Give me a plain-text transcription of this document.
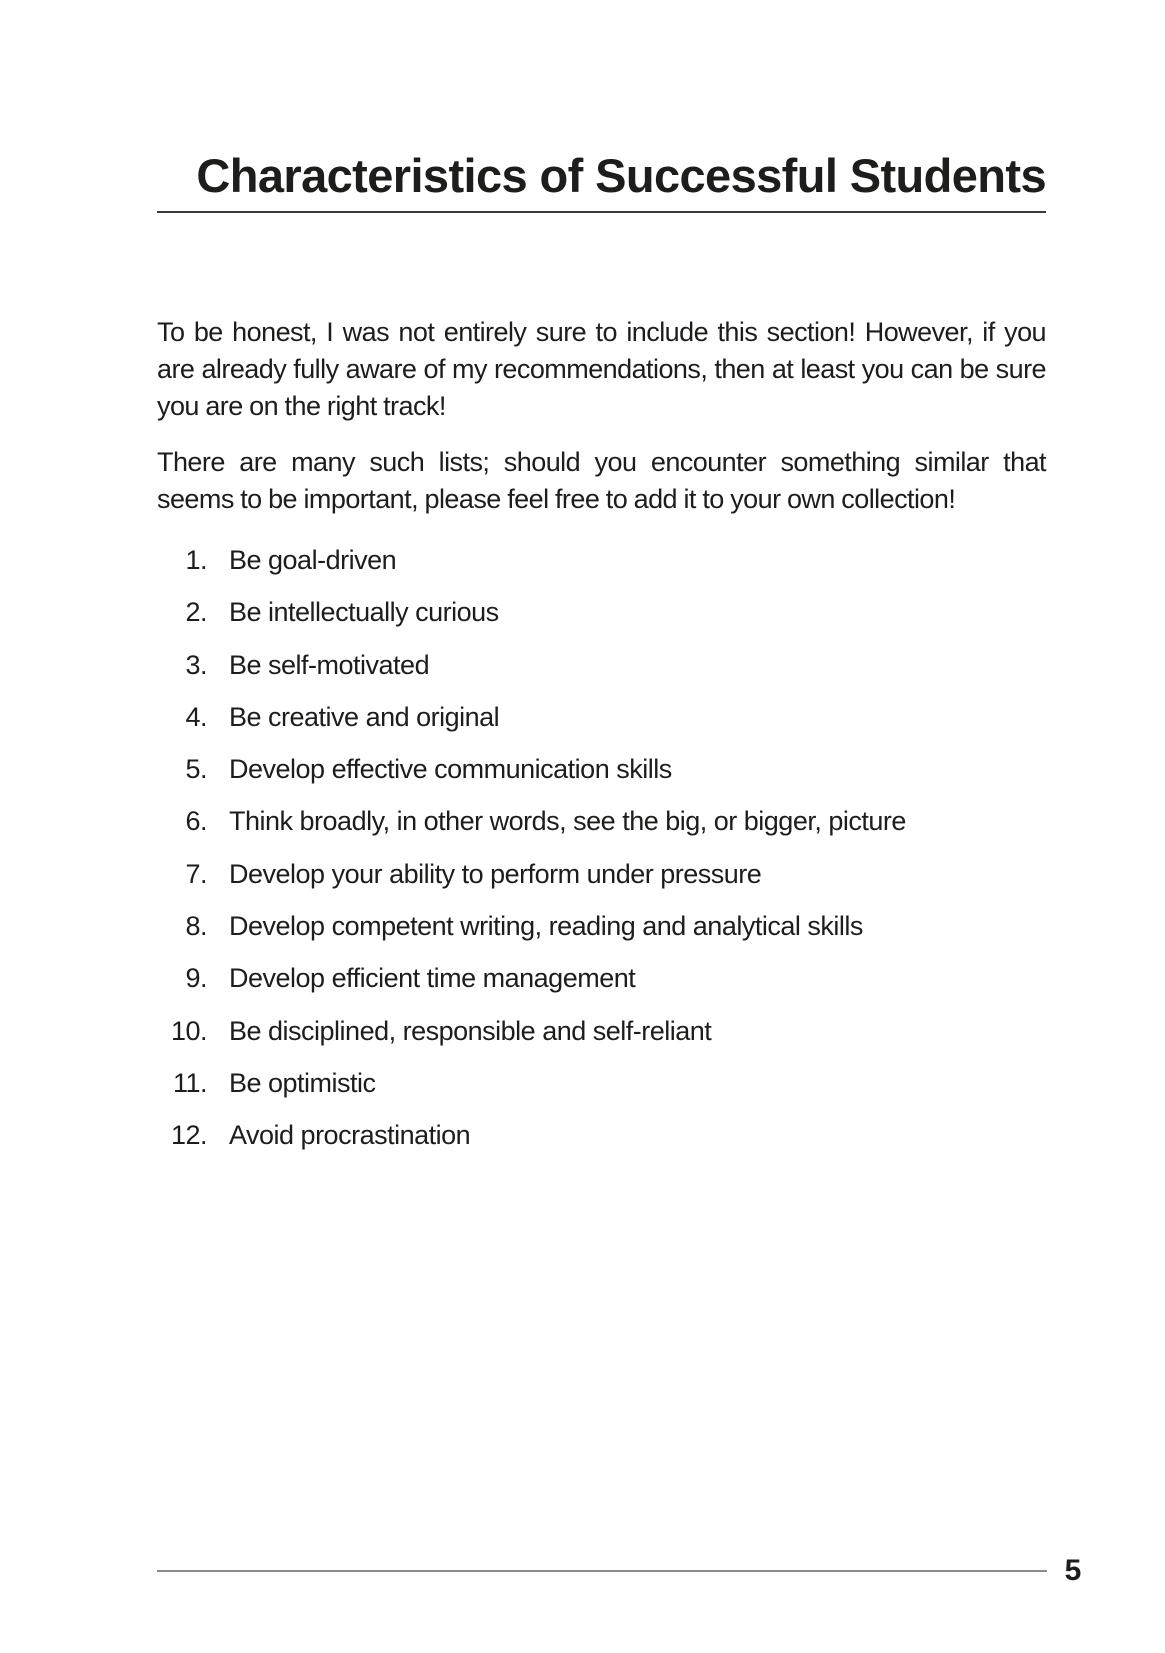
Characteristics of Successful Students

To be honest, I was not entirely sure to include this section! However, if you are already fully aware of my recommendations, then at least you can be sure you are on the right track!

There are many such lists; should you encounter something similar that seems to be important, please feel free to add it to your own collection!

1. Be goal-driven
2. Be intellectually curious
3. Be self-motivated
4. Be creative and original
5. Develop effective communication skills
6. Think broadly, in other words, see the big, or bigger, picture
7. Develop your ability to perform under pressure
8. Develop competent writing, reading and analytical skills
9. Develop efficient time management
10. Be disciplined, responsible and self-reliant
11. Be optimistic
12. Avoid procrastination
5
